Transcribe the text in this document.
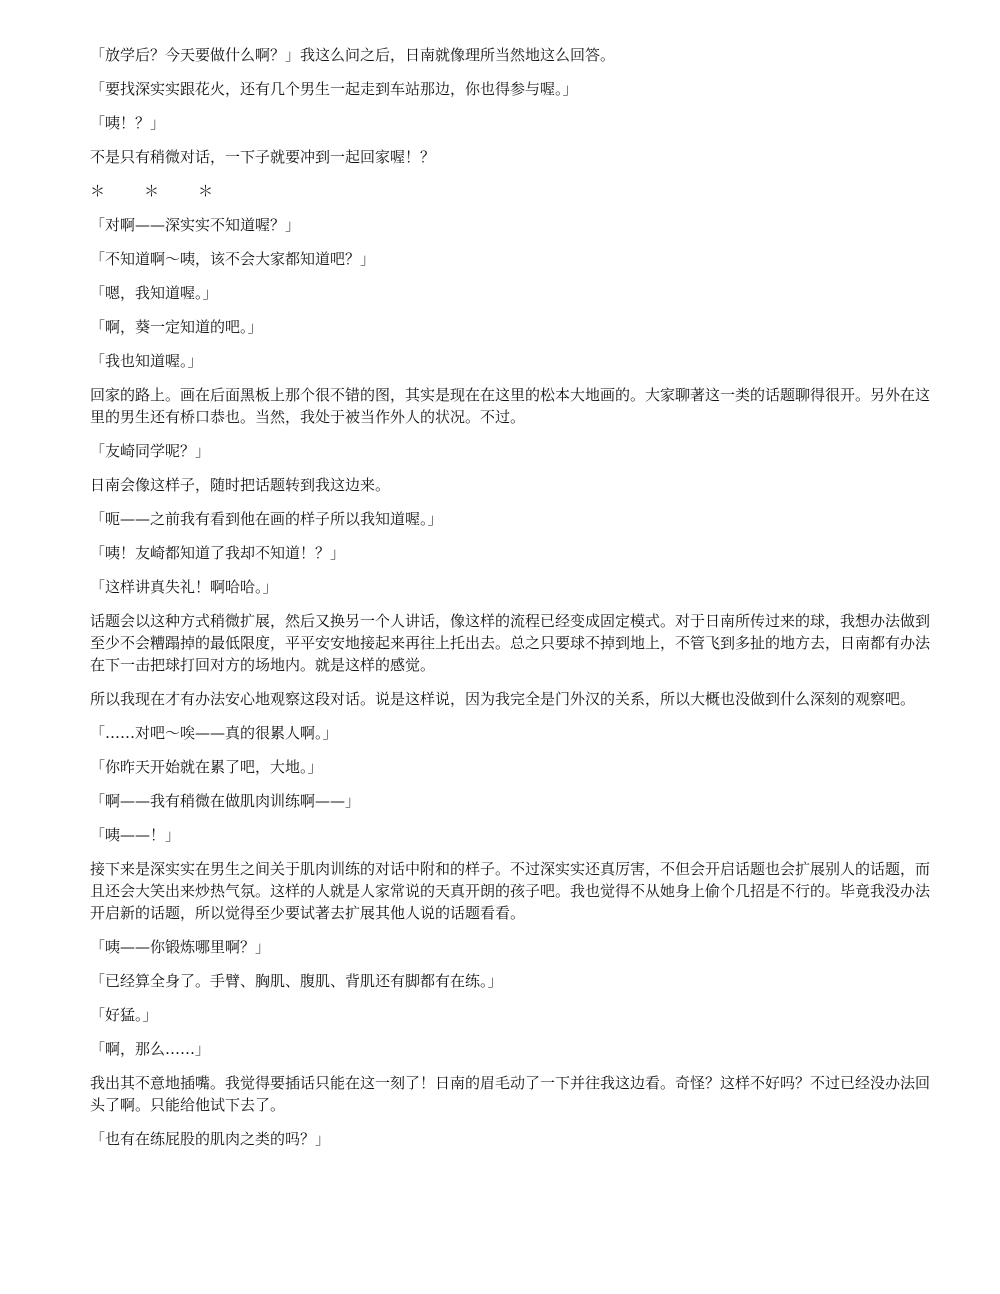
「放学后？今天要做什么啊？」我这么问之后，日南就像理所当然地这么回答。

「要找深实实跟花火，还有几个男生一起走到车站那边，你也得参与喔。」

「咦！？」

不是只有稍微对话，一下子就要冲到一起回家喔！？

＊　＊　＊

「对啊——深实实不知道喔？」

「不知道啊～咦，该不会大家都知道吧？」

「嗯，我知道喔。」

「啊，葵一定知道的吧。」

「我也知道喔。」

回家的路上。画在后面黑板上那个很不错的图，其实是现在在这里的松本大地画的。大家聊著这一类的话题聊得很开。另外在这里的男生还有桥口恭也。当然，我处于被当作外人的状况。不过。

「友崎同学呢？」

日南会像这样子，随时把话题转到我这边来。

「呃——之前我有看到他在画的样子所以我知道喔。」

「咦！友崎都知道了我却不知道！？」

「这样讲真失礼！啊哈哈。」

话题会以这种方式稍微扩展，然后又换另一个人讲话，像这样的流程已经变成固定模式。对于日南所传过来的球，我想办法做到至少不会糟蹋掉的最低限度，平平安安地接起来再往上托出去。总之只要球不掉到地上，不管飞到多扯的地方去，日南都有办法在下一击把球打回对方的场地内。就是这样的感觉。

所以我现在才有办法安心地观察这段对话。说是这样说，因为我完全是门外汉的关系，所以大概也没做到什么深刻的观察吧。

「……对吧～唉——真的很累人啊。」

「你昨天开始就在累了吧，大地。」

「啊——我有稍微在做肌肉训练啊——」

「咦——！」

接下来是深实实在男生之间关于肌肉训练的对话中附和的样子。不过深实实还真厉害，不但会开启话题也会扩展别人的话题，而且还会大笑出来炒热气氛。这样的人就是人家常说的天真开朗的孩子吧。我也觉得不从她身上偷个几招是不行的。毕竟我没办法开启新的话题，所以觉得至少要试著去扩展其他人说的话题看看。

「咦——你锻炼哪里啊？」

「已经算全身了。手臂、胸肌、腹肌、背肌还有脚都有在练。」

「好猛。」

「啊，那么……」

我出其不意地插嘴。我觉得要插话只能在这一刻了！日南的眉毛动了一下并往我这边看。奇怪？这样不好吗？不过已经没办法回头了啊。只能给他试下去了。

「也有在练屁股的肌肉之类的吗？」
